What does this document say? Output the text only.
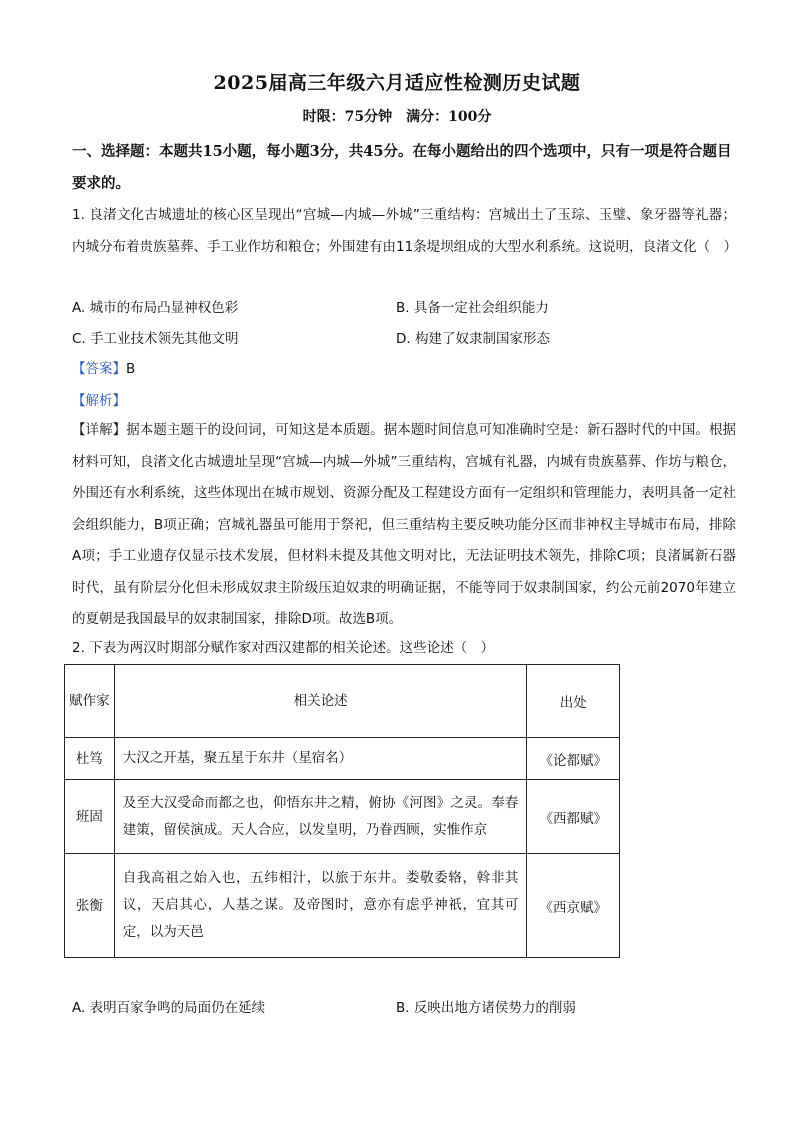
2025届高三年级六月适应性检测历史试题
时限：75分钟　满分：100分
一、选择题：本题共15小题，每小题3分，共45分。在每小题给出的四个选项中，只有一项是符合题目要求的。
1. 良渚文化古城遗址的核心区呈现出“宫城—内城—外城”三重结构：宫城出土了玉琮、玉璧、象牙器等礼器；内城分布着贵族墓葬、手工业作坊和粮仓；外围建有由11条堤坝组成的大型水利系统。这说明，良渚文化（　）
A. 城市的布局凸显神权色彩	B. 具备一定社会组织能力
C. 手工业技术领先其他文明	D. 构建了奴隶制国家形态
【答案】B
【解析】
【详解】据本题主题干的设问词，可知这是本质题。据本题时间信息可知准确时空是：新石器时代的中国。根据材料可知，良渚文化古城遗址呈现“宫城—内城—外城”三重结构，宫城有礼器，内城有贵族墓葬、作坊与粮仓，外围还有水利系统，这些体现出在城市规划、资源分配及工程建设方面有一定组织和管理能力，表明具备一定社会组织能力，B项正确；宫城礼器虽可能用于祭祀，但三重结构主要反映功能分区而非神权主导城市布局，排除A项；手工业遗存仅显示技术发展，但材料未提及其他文明对比，无法证明技术领先，排除C项；良渚属新石器时代，虽有阶层分化但未形成奴隶主阶级压迫奴隶的明确证据，不能等同于奴隶制国家，约公元前2070年建立的夏朝是我国最早的奴隶制国家，排除D项。故选B项。
2. 下表为两汉时期部分赋作家对西汉建都的相关论述。这些论述（　）
赋作家	相关论述	出处
杜笃	大汉之开基，聚五星于东井（星宿名）	《论都赋》
班固	及至大汉受命而都之也，仰悟东井之精，俯协《河图》之灵。奉春建策，留侯演成。天人合应，以发皇明，乃眷西顾，实惟作京	《西都赋》
张衡	自我高祖之始入也，五纬相汁，以旅于东井。娄敬委辂，斡非其议，天启其心，人基之谋。及帝图时，意亦有虑乎神祇，宜其可定，以为天邑	《西京赋》
A. 表明百家争鸣的局面仍在延续	B. 反映出地方诸侯势力的削弱
